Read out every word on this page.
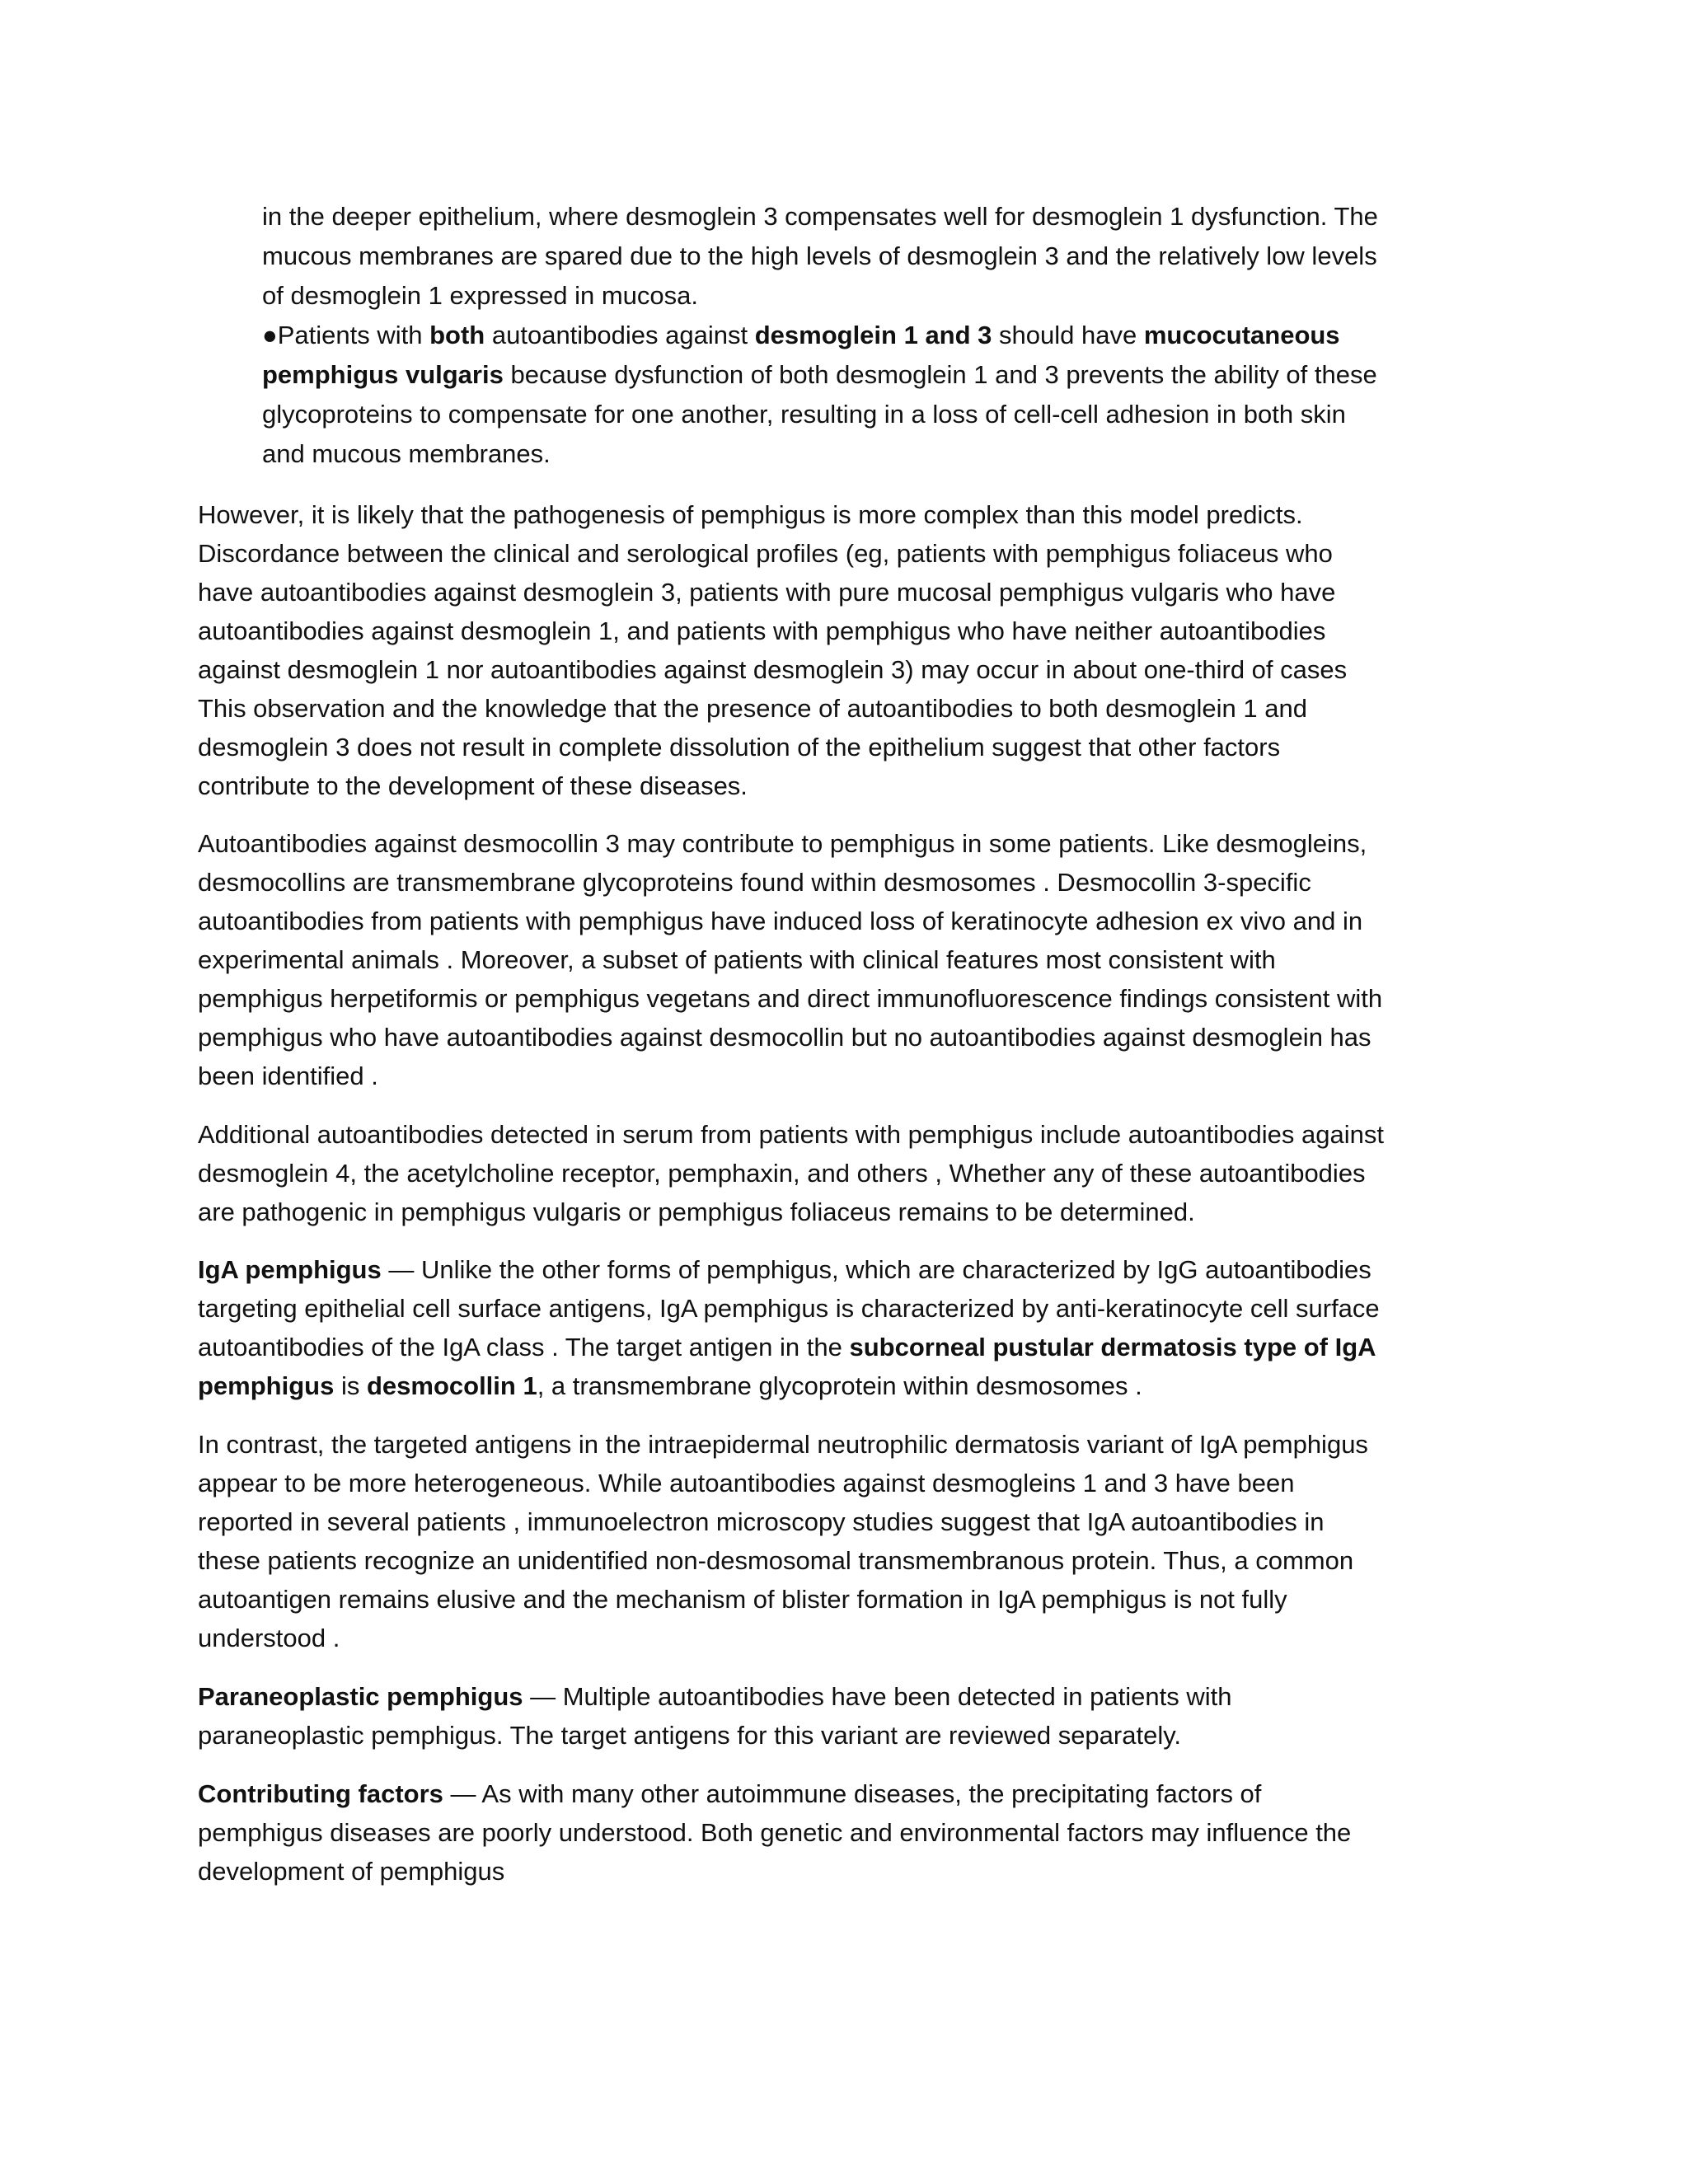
in the deeper epithelium, where desmoglein 3 compensates well for desmoglein 1 dysfunction. The

mucous membranes are spared due to the high levels of desmoglein 3 and the relatively low levels

of desmoglein 1 expressed in mucosa.

●Patients with both autoantibodies against desmoglein 1 and 3 should have mucocutaneous

pemphigus vulgaris because dysfunction of both desmoglein 1 and 3 prevents the ability of these

glycoproteins to compensate for one another, resulting in a loss of cell-cell adhesion in both skin

and mucous membranes.

However, it is likely that the pathogenesis of pemphigus is more complex than this model predicts.

Discordance between the clinical and serological profiles (eg, patients with pemphigus foliaceus who

have autoantibodies against desmoglein 3, patients with pure mucosal pemphigus vulgaris who have

autoantibodies against desmoglein 1, and patients with pemphigus who have neither autoantibodies

against desmoglein 1 nor autoantibodies against desmoglein 3) may occur in about one-third of cases

This observation and the knowledge that the presence of autoantibodies to both desmoglein 1 and

desmoglein 3 does not result in complete dissolution of the epithelium suggest that other factors

contribute to the development of these diseases.

Autoantibodies against desmocollin 3 may contribute to pemphigus in some patients. Like desmogleins,

desmocollins are transmembrane glycoproteins found within desmosomes . Desmocollin 3-specific

autoantibodies from patients with pemphigus have induced loss of keratinocyte adhesion ex vivo and in

experimental animals . Moreover, a subset of patients with clinical features most consistent with

pemphigus herpetiformis or pemphigus vegetans and direct immunofluorescence findings consistent with

pemphigus who have autoantibodies against desmocollin but no autoantibodies against desmoglein has

been identified .

Additional autoantibodies detected in serum from patients with pemphigus include autoantibodies against

desmoglein 4, the acetylcholine receptor, pemphaxin, and others , Whether any of these autoantibodies

are pathogenic in pemphigus vulgaris or pemphigus foliaceus remains to be determined.

IgA pemphigus — Unlike the other forms of pemphigus, which are characterized by IgG autoantibodies

targeting epithelial cell surface antigens, IgA pemphigus is characterized by anti-keratinocyte cell surface

autoantibodies of the IgA class . The target antigen in the subcorneal pustular dermatosis type of IgA

pemphigus is desmocollin 1, a transmembrane glycoprotein within desmosomes .

In contrast, the targeted antigens in the intraepidermal neutrophilic dermatosis variant of IgA pemphigus

appear to be more heterogeneous. While autoantibodies against desmogleins 1 and 3 have been

reported in several patients , immunoelectron microscopy studies suggest that IgA autoantibodies in

these patients recognize an unidentified non-desmosomal transmembranous protein. Thus, a common

autoantigen remains elusive and the mechanism of blister formation in IgA pemphigus is not fully

understood .

Paraneoplastic pemphigus — Multiple autoantibodies have been detected in patients with

paraneoplastic pemphigus. The target antigens for this variant are reviewed separately.

Contributing factors — As with many other autoimmune diseases, the precipitating factors of

pemphigus diseases are poorly understood. Both genetic and environmental factors may influence the

development of pemphigus
